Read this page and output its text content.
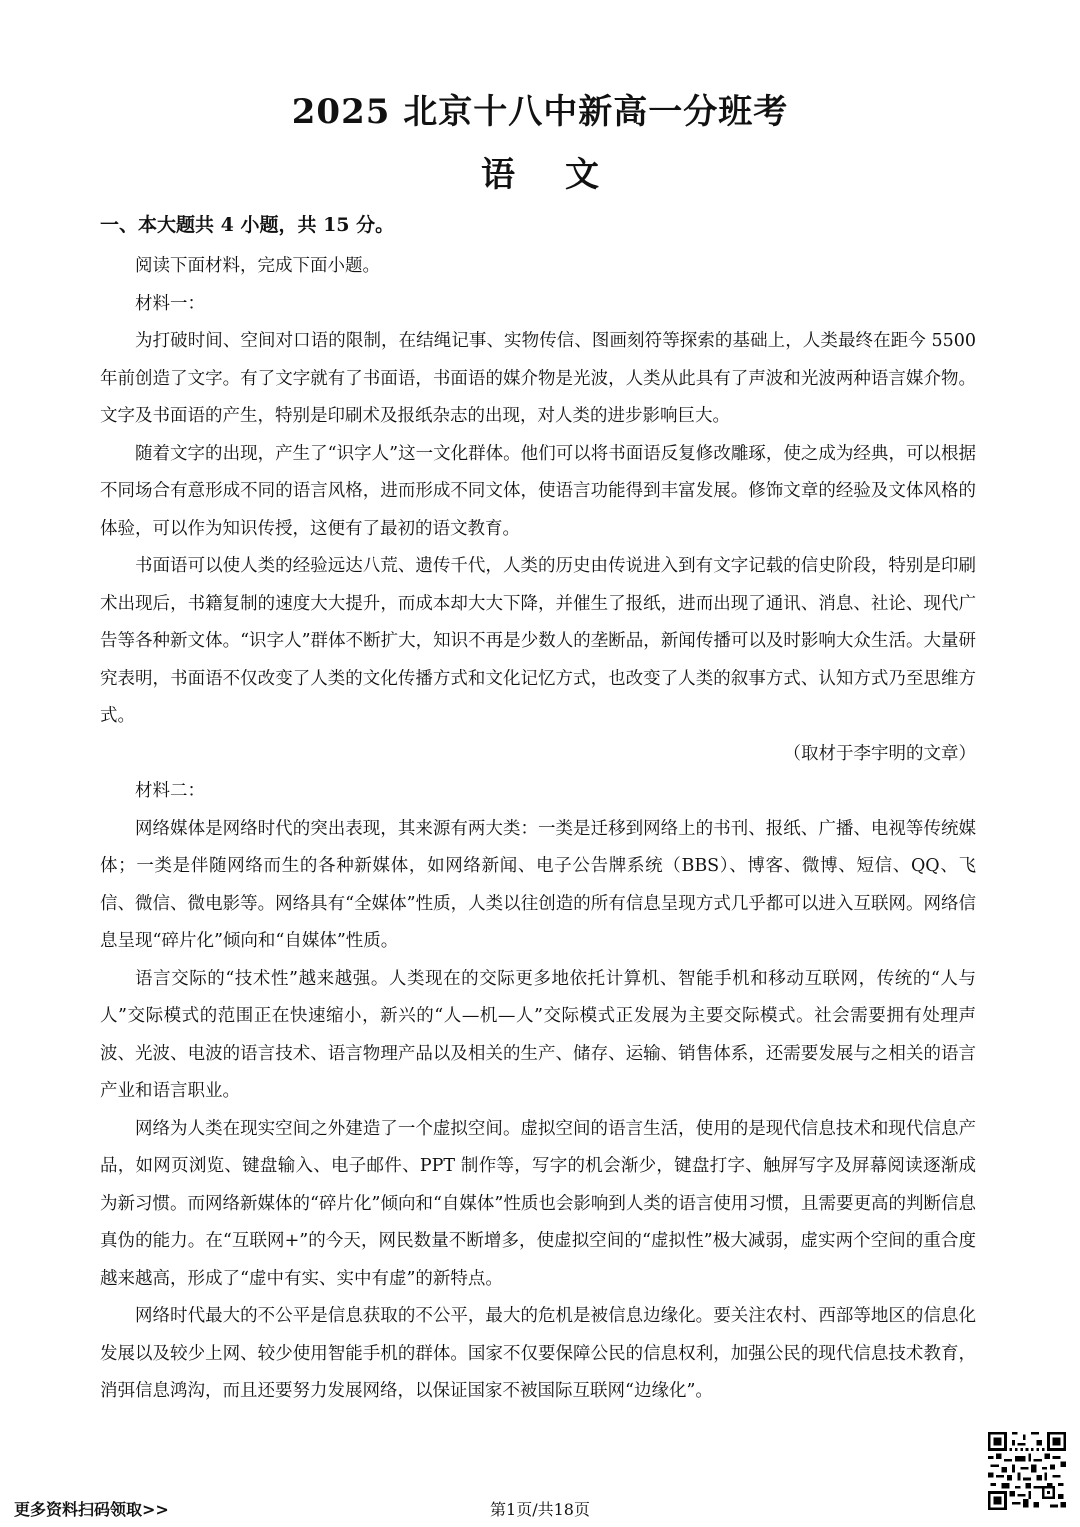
2025 北京十八中新高一分班考
语文
一、本大题共 4 小题，共 15 分。

阅读下面材料，完成下面小题。

材料一：

为打破时间、空间对口语的限制，在结绳记事、实物传信、图画刻符等探索的基础上，人类最终在距今 5500 年前创造了文字。有了文字就有了书面语，书面语的媒介物是光波，人类从此具有了声波和光波两种语言媒介物。文字及书面语的产生，特别是印刷术及报纸杂志的出现，对人类的进步影响巨大。

随着文字的出现，产生了“识字人”这一文化群体。他们可以将书面语反复修改雕琢，使之成为经典，可以根据不同场合有意形成不同的语言风格，进而形成不同文体，使语言功能得到丰富发展。修饰文章的经验及文体风格的体验，可以作为知识传授，这便有了最初的语文教育。

书面语可以使人类的经验远达八荒、遗传千代，人类的历史由传说进入到有文字记载的信史阶段，特别是印刷术出现后，书籍复制的速度大大提升，而成本却大大下降，并催生了报纸，进而出现了通讯、消息、社论、现代广告等各种新文体。“识字人”群体不断扩大，知识不再是少数人的垄断品，新闻传播可以及时影响大众生活。大量研究表明，书面语不仅改变了人类的文化传播方式和文化记忆方式，也改变了人类的叙事方式、认知方式乃至思维方式。

（取材于李宇明的文章）

材料二：

网络媒体是网络时代的突出表现，其来源有两大类：一类是迁移到网络上的书刊、报纸、广播、电视等传统媒体；一类是伴随网络而生的各种新媒体，如网络新闻、电子公告牌系统（BBS）、博客、微博、短信、QQ、飞信、微信、微电影等。网络具有“全媒体”性质，人类以往创造的所有信息呈现方式几乎都可以进入互联网。网络信息呈现“碎片化”倾向和“自媒体”性质。

语言交际的“技术性”越来越强。人类现在的交际更多地依托计算机、智能手机和移动互联网，传统的“人与人”交际模式的范围正在快速缩小，新兴的“人—机—人”交际模式正发展为主要交际模式。社会需要拥有处理声波、光波、电波的语言技术、语言物理产品以及相关的生产、储存、运输、销售体系，还需要发展与之相关的语言产业和语言职业。

网络为人类在现实空间之外建造了一个虚拟空间。虚拟空间的语言生活，使用的是现代信息技术和现代信息产品，如网页浏览、键盘输入、电子邮件、PPT 制作等，写字的机会渐少，键盘打字、触屏写字及屏幕阅读逐渐成为新习惯。而网络新媒体的“碎片化”倾向和“自媒体”性质也会影响到人类的语言使用习惯，且需要更高的判断信息真伪的能力。在“互联网+”的今天，网民数量不断增多，使虚拟空间的“虚拟性”极大减弱，虚实两个空间的重合度越来越高，形成了“虚中有实、实中有虚”的新特点。

网络时代最大的不公平是信息获取的不公平，最大的危机是被信息边缘化。要关注农村、西部等地区的信息化发展以及较少上网、较少使用智能手机的群体。国家不仅要保障公民的信息权利，加强公民的现代信息技术教育，消弭信息鸿沟，而且还要努力发展网络，以保证国家不被国际互联网“边缘化”。

更多资料扫码领取>>	第1页/共18页
